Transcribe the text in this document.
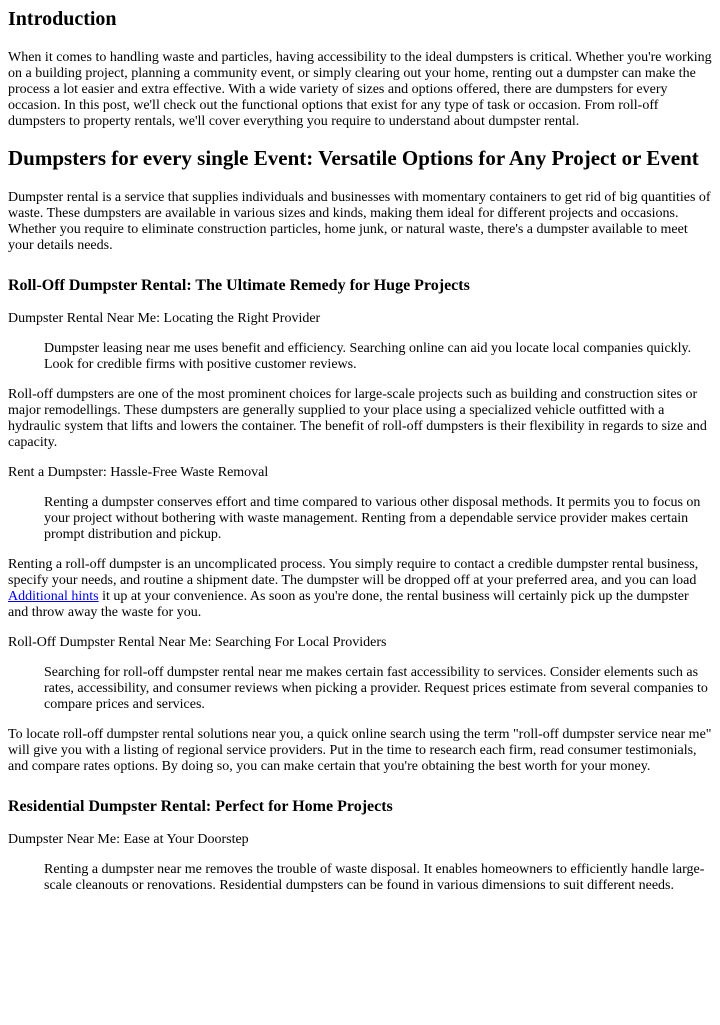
Introduction

When it comes to handling waste and particles, having accessibility to the ideal dumpsters is critical. Whether you're working on a building project, planning a community event, or simply clearing out your home, renting out a dumpster can make the process a lot easier and extra effective. With a wide variety of sizes and options offered, there are dumpsters for every occasion. In this post, we'll check out the functional options that exist for any type of task or occasion. From roll-off dumpsters to property rentals, we'll cover everything you require to understand about dumpster rental.

Dumpsters for every single Event: Versatile Options for Any Project or Event

Dumpster rental is a service that supplies individuals and businesses with momentary containers to get rid of big quantities of waste. These dumpsters are available in various sizes and kinds, making them ideal for different projects and occasions. Whether you require to eliminate construction particles, home junk, or natural waste, there's a dumpster available to meet your details needs.

Roll-Off Dumpster Rental: The Ultimate Remedy for Huge Projects

Dumpster Rental Near Me: Locating the Right Provider

Dumpster leasing near me uses benefit and efficiency. Searching online can aid you locate local companies quickly. Look for credible firms with positive customer reviews.

Roll-off dumpsters are one of the most prominent choices for large-scale projects such as building and construction sites or major remodellings. These dumpsters are generally supplied to your place using a specialized vehicle outfitted with a hydraulic system that lifts and lowers the container. The benefit of roll-off dumpsters is their flexibility in regards to size and capacity.

Rent a Dumpster: Hassle-Free Waste Removal

Renting a dumpster conserves effort and time compared to various other disposal methods. It permits you to focus on your project without bothering with waste management. Renting from a dependable service provider makes certain prompt distribution and pickup.

Renting a roll-off dumpster is an uncomplicated process. You simply require to contact a credible dumpster rental business, specify your needs, and routine a shipment date. The dumpster will be dropped off at your preferred area, and you can load Additional hints it up at your convenience. As soon as you're done, the rental business will certainly pick up the dumpster and throw away the waste for you.

Roll-Off Dumpster Rental Near Me: Searching For Local Providers

Searching for roll-off dumpster rental near me makes certain fast accessibility to services. Consider elements such as rates, accessibility, and consumer reviews when picking a provider. Request prices estimate from several companies to compare prices and services.

To locate roll-off dumpster rental solutions near you, a quick online search using the term "roll-off dumpster service near me" will give you with a listing of regional service providers. Put in the time to research each firm, read consumer testimonials, and compare rates options. By doing so, you can make certain that you're obtaining the best worth for your money.

Residential Dumpster Rental: Perfect for Home Projects

Dumpster Near Me: Ease at Your Doorstep

Renting a dumpster near me removes the trouble of waste disposal. It enables homeowners to efficiently handle large-scale cleanouts or renovations. Residential dumpsters can be found in various dimensions to suit different needs.
